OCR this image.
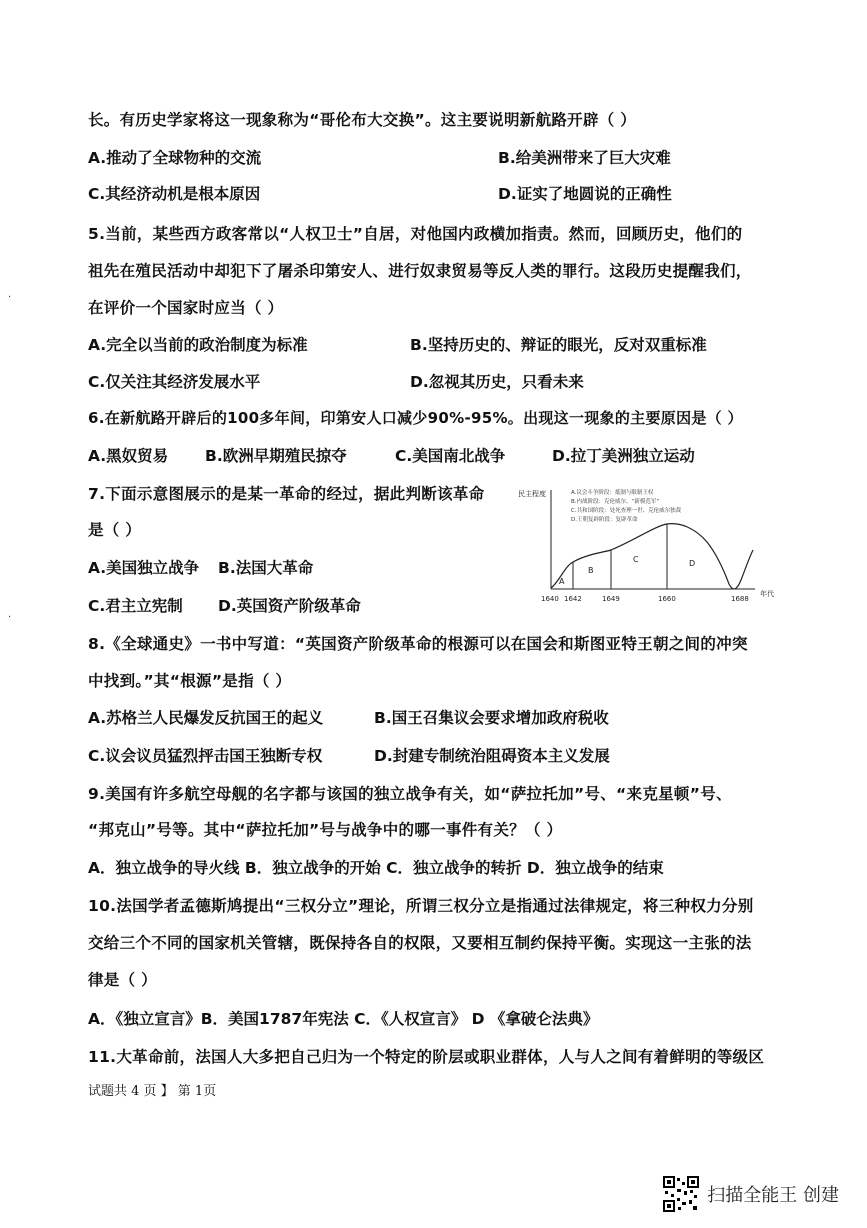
长。有历史学家将这一现象称为“哥伦布大交换”。这主要说明新航路开辟（ ）
A.推动了全球物种的交流	B.给美洲带来了巨大灾难
C.其经济动机是根本原因	D.证实了地圆说的正确性
5.当前，某些西方政客常以“人权卫士”自居，对他国内政横加指责。然而，回顾历史，他们的
祖先在殖民活动中却犯下了屠杀印第安人、进行奴隶贸易等反人类的罪行。这段历史提醒我们，
在评价一个国家时应当（ ）
A.完全以当前的政治制度为标准	B.坚持历史的、辩证的眼光，反对双重标准
C.仅关注其经济发展水平	D.忽视其历史，只看未来
6.在新航路开辟后的100多年间，印第安人口减少90%-95%。出现这一现象的主要原因是（ ）
A.黑奴贸易 B.欧洲早期殖民掠夺	C.美国南北战争	D.拉丁美洲独立运动
7.下面示意图展示的是某一革命的经过，据此判断该革命
是（ ）
A.美国独立战争 B.法国大革命
C.君主立宪制 D.英国资产阶级革命
民主程度
A
B
C	D
1640 1642	1649	1660	1688
年代
A.议会斗争阶段：抵制与限制王权
B.内战阶段：克伦威尔、“新模范军”
C.共和国阶段：处死查理一世、克伦威尔独裁
D.王朝复辟阶段：复辟革命
8.《全球通史》一书中写道：“英国资产阶级革命的根源可以在国会和斯图亚特王朝之间的冲突
中找到。”其“根源”是指（ ）
A.苏格兰人民爆发反抗国王的起义	B.国王召集议会要求增加政府税收
C.议会议员猛烈抨击国王独断专权	D.封建专制统治阻碍资本主义发展
9.美国有许多航空母舰的名字都与该国的独立战争有关，如“萨拉托加”号、“来克星顿”号、
“邦克山”号等。其中“萨拉托加”号与战争中的哪一事件有关？（ ）
A．独立战争的导火线 B．独立战争的开始 C．独立战争的转折 D．独立战争的结束
10.法国学者孟德斯鸠提出“三权分立”理论，所谓三权分立是指通过法律规定，将三种权力分别
交给三个不同的国家机关管辖，既保持各自的权限，又要相互制约保持平衡。实现这一主张的法
律是（ ）
A．《独立宣言》B．美国1787年宪法 C．《人权宣言》 D 《拿破仑法典》
11.大革命前，法国人大多把自己归为一个特定的阶层或职业群体，人与人之间有着鲜明的等级区
试题共 4 页 】 第 1页
·
·
扫描全能王 创建
